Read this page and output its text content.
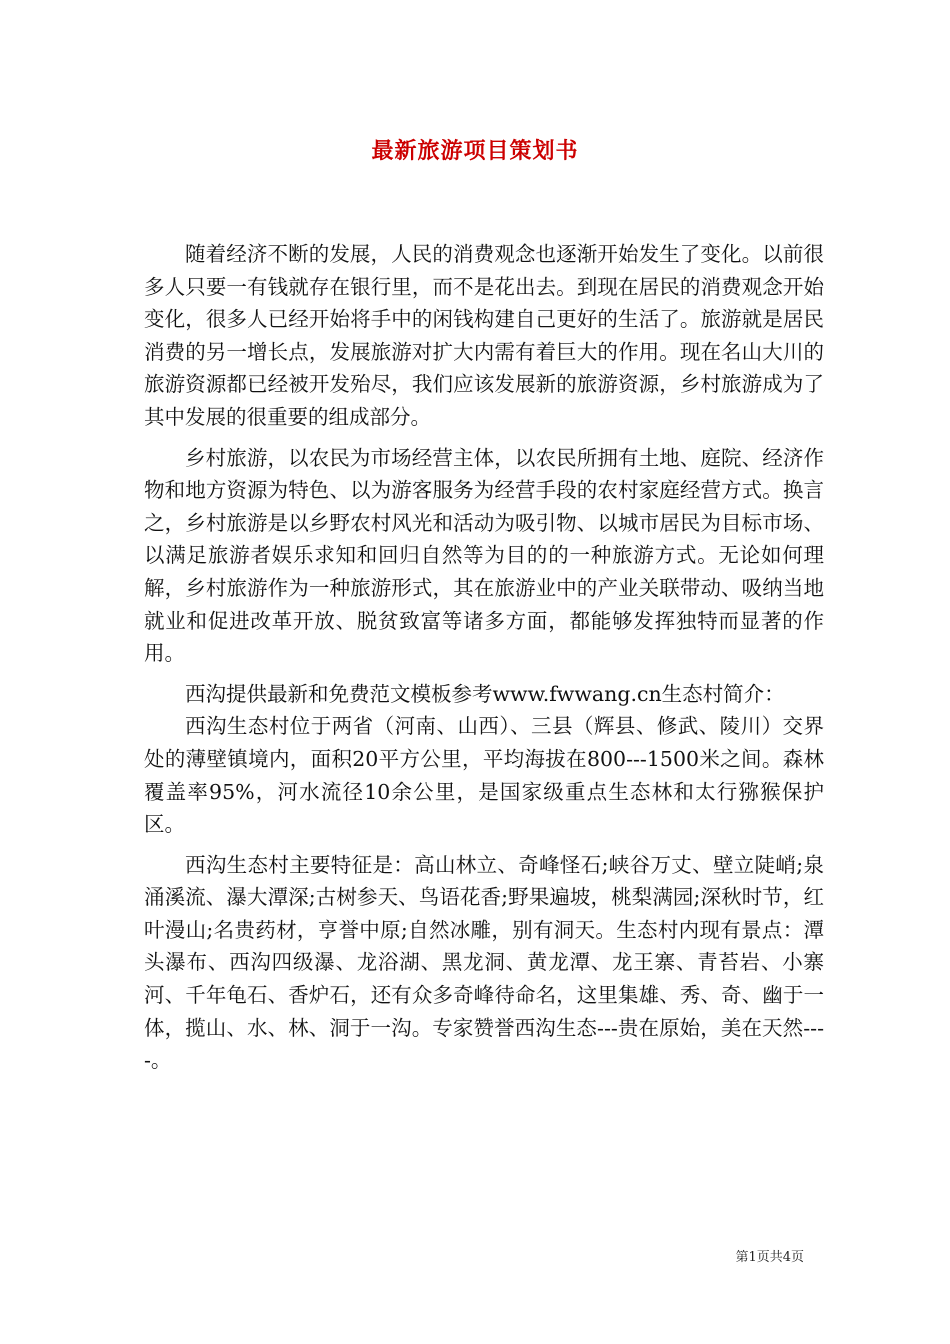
最新旅游项目策划书

随着经济不断的发展，人民的消费观念也逐渐开始发生了变化。以前很多人只要一有钱就存在银行里，而不是花出去。到现在居民的消费观念开始变化，很多人已经开始将手中的闲钱构建自己更好的生活了。旅游就是居民消费的另一增长点，发展旅游对扩大内需有着巨大的作用。现在名山大川的旅游资源都已经被开发殆尽，我们应该发展新的旅游资源，乡村旅游成为了其中发展的很重要的组成部分。

乡村旅游，以农民为市场经营主体，以农民所拥有土地、庭院、经济作物和地方资源为特色、以为游客服务为经营手段的农村家庭经营方式。换言之，乡村旅游是以乡野农村风光和活动为吸引物、以城市居民为目标市场、以满足旅游者娱乐求知和回归自然等为目的的一种旅游方式。无论如何理解，乡村旅游作为一种旅游形式，其在旅游业中的产业关联带动、吸纳当地就业和促进改革开放、脱贫致富等诸多方面，都能够发挥独特而显著的作用。

西沟提供最新和免费范文模板参考www.fwwang.cn生态村简介：

西沟生态村位于两省（河南、山西）、三县（辉县、修武、陵川）交界处的薄壁镇境内，面积20平方公里，平均海拔在800---1500米之间。森林覆盖率95%，河水流径10余公里，是国家级重点生态林和太行猕猴保护区。

西沟生态村主要特征是：高山林立、奇峰怪石;峡谷万丈、壁立陡峭;泉涌溪流、瀑大潭深;古树参天、鸟语花香;野果遍坡，桃梨满园;深秋时节，红叶漫山;名贵药材，亨誉中原;自然冰雕，别有洞天。生态村内现有景点：潭头瀑布、西沟四级瀑、龙浴湖、黑龙洞、黄龙潭、龙王寨、青苔岩、小寨河、千年龟石、香炉石，还有众多奇峰待命名，这里集雄、秀、奇、幽于一体，揽山、水、林、洞于一沟。专家赞誉西沟生态---贵在原始，美在天然----。

第1页共4页
